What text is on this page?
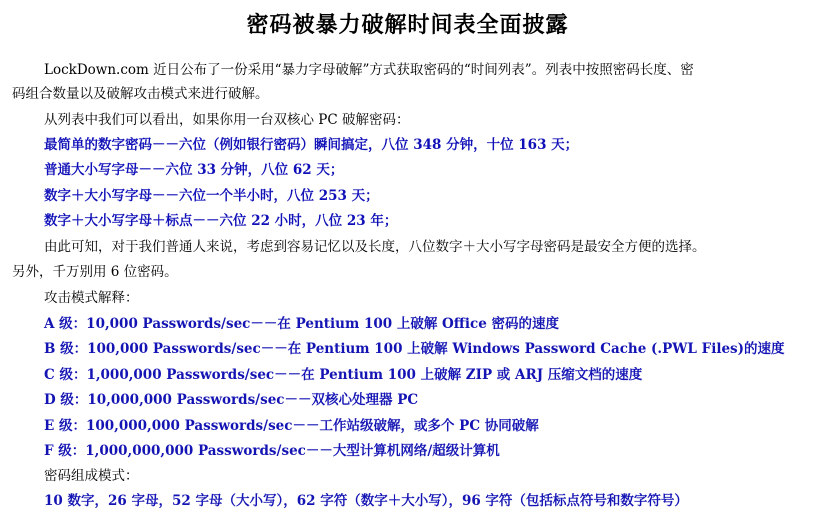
密码被暴力破解时间表全面披露
LockDown.com 近日公布了一份采用“暴力字母破解”方式获取密码的“时间列表”。列表中按照密码长度、密
码组合数量以及破解攻击模式来进行破解。
从列表中我们可以看出，如果你用一台双核心 PC 破解密码：
最简单的数字密码－－六位（例如银行密码）瞬间搞定，八位 348 分钟，十位 163 天；
普通大小写字母－－六位 33 分钟，八位 62 天；
数字＋大小写字母－－六位一个半小时，八位 253 天；
数字＋大小写字母＋标点－－六位 22 小时，八位 23 年；
由此可知，对于我们普通人来说，考虑到容易记忆以及长度，八位数字＋大小写字母密码是最安全方便的选择。
另外，千万别用 6 位密码。
攻击模式解释：
A 级：10,000 Passwords/sec－－在 Pentium 100 上破解 Office 密码的速度
B 级：100,000 Passwords/sec－－在 Pentium 100 上破解 Windows Password Cache (.PWL Files)的速度
C 级：1,000,000 Passwords/sec－－在 Pentium 100 上破解 ZIP 或 ARJ 压缩文档的速度
D 级：10,000,000 Passwords/sec－－双核心处理器 PC
E 级：100,000,000 Passwords/sec－－工作站级破解，或多个 PC 协同破解
F 级：1,000,000,000 Passwords/sec－－大型计算机网络/超级计算机
密码组成模式：
10 数字，26 字母，52 字母（大小写），62 字符（数字＋大小写），96 字符（包括标点符号和数字符号）
